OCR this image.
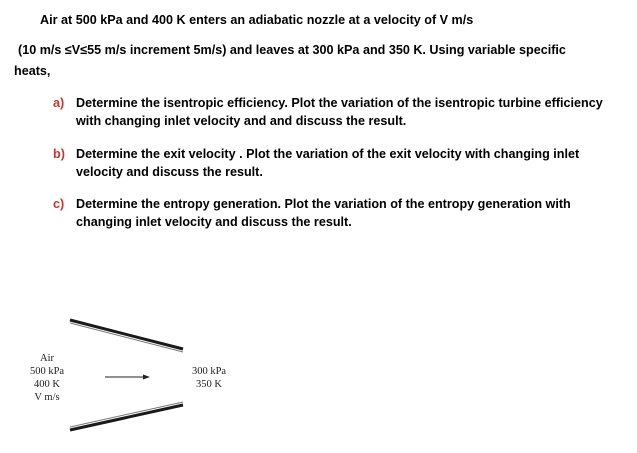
Air at 500 kPa and 400 K enters an adiabatic nozzle at a velocity of V m/s
(10 m/s ≤V≤55 m/s increment 5m/s) and leaves at 300 kPa and 350 K. Using variable specific
heats,
a) Determine the isentropic efficiency. Plot the variation of the isentropic turbine efficiency with changing inlet velocity and and discuss the result.
b) Determine the exit velocity . Plot the variation of the exit velocity with changing inlet velocity and discuss the result.
c) Determine the entropy generation. Plot the variation of the entropy generation with changing inlet velocity and discuss the result.
Air
500 kPa
400 K
V m/s
300 kPa
350 K
